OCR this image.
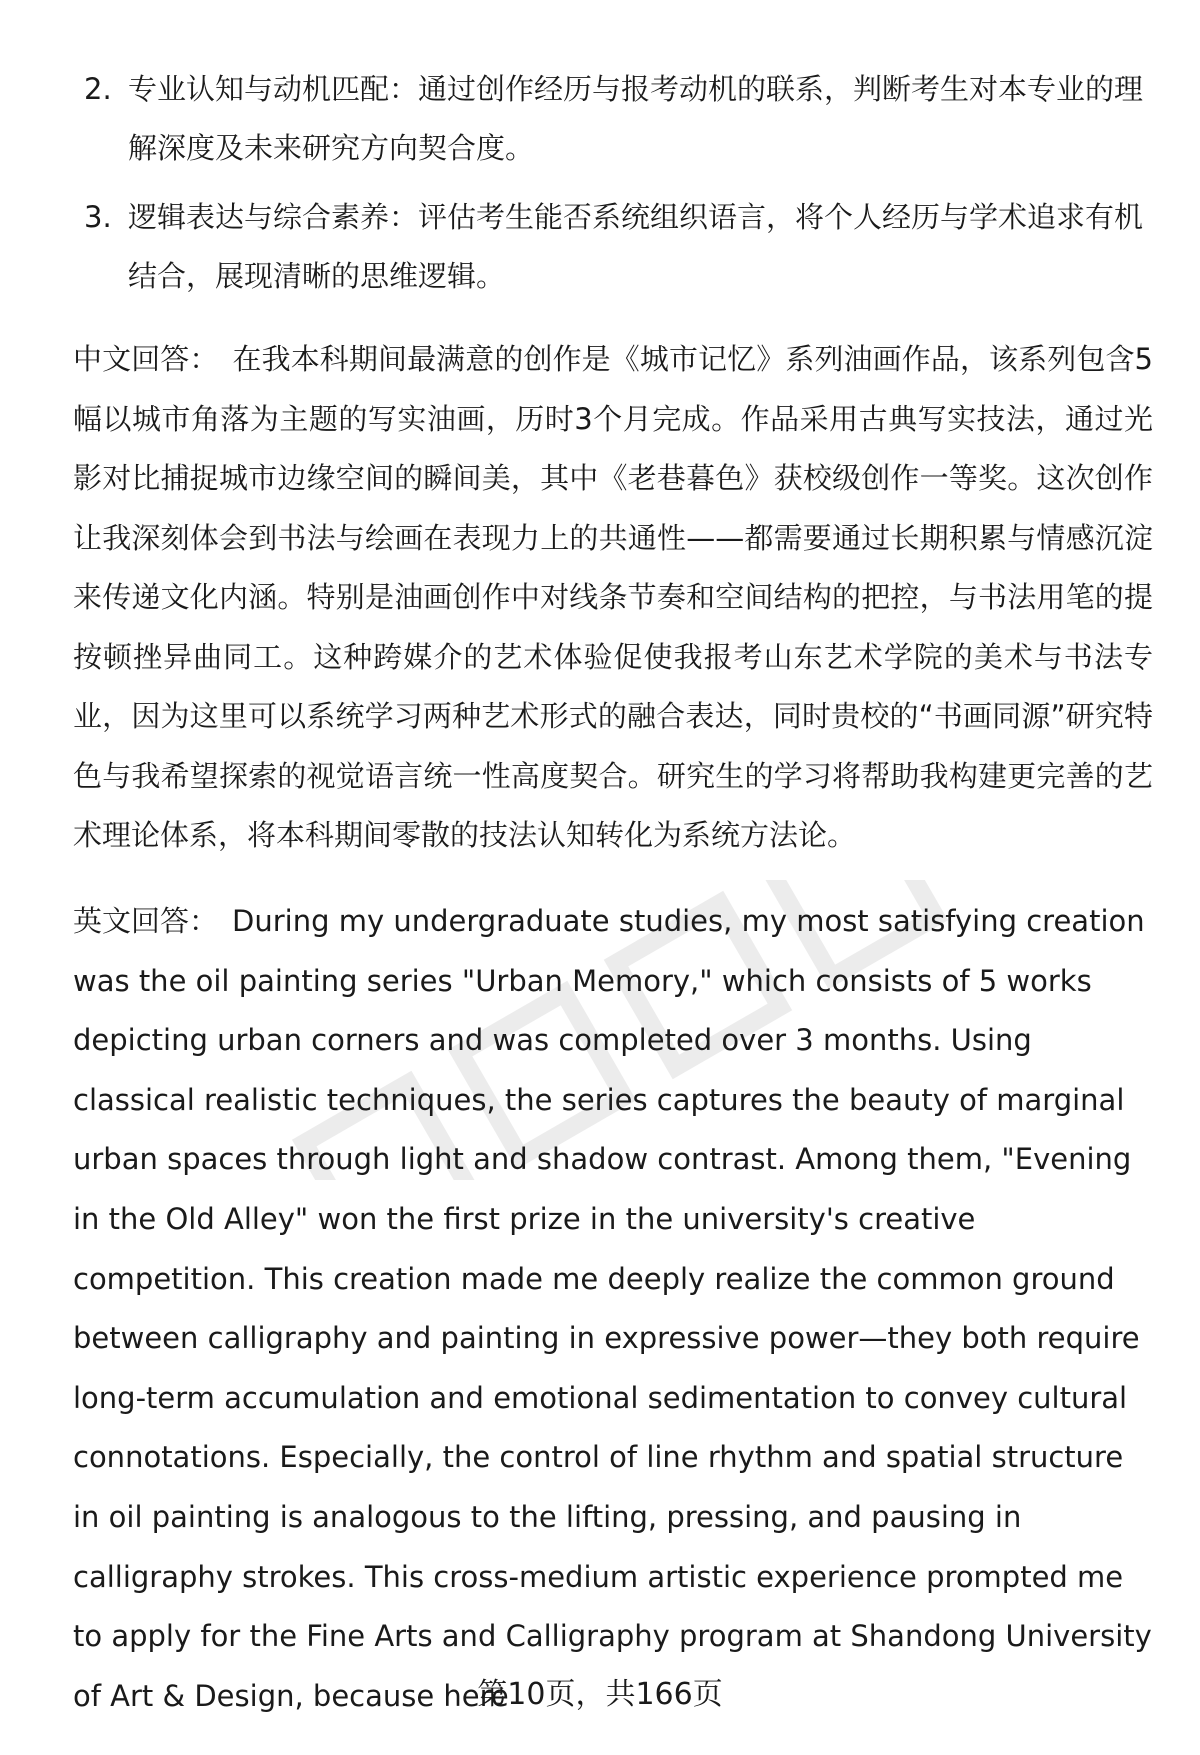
2. 专业认知与动机匹配：通过创作经历与报考动机的联系，判断考生对本专业的理解深度及未来研究方向契合度。
3. 逻辑表达与综合素养：评估考生能否系统组织语言，将个人经历与学术追求有机结合，展现清晰的思维逻辑。

中文回答： 在我本科期间最满意的创作是《城市记忆》系列油画作品，该系列包含5幅以城市角落为主题的写实油画，历时3个月完成。作品采用古典写实技法，通过光影对比捕捉城市边缘空间的瞬间美，其中《老巷暮色》获校级创作一等奖。这次创作让我深刻体会到书法与绘画在表现力上的共通性——都需要通过长期积累与情感沉淀来传递文化内涵。特别是油画创作中对线条节奏和空间结构的把控，与书法用笔的提按顿挫异曲同工。这种跨媒介的艺术体验促使我报考山东艺术学院的美术与书法专业，因为这里可以系统学习两种艺术形式的融合表达，同时贵校的“书画同源”研究特色与我希望探索的视觉语言统一性高度契合。研究生的学习将帮助我构建更完善的艺术理论体系，将本科期间零散的技法认知转化为系统方法论。

英文回答： During my undergraduate studies, my most satisfying creation was the oil painting series "Urban Memory," which consists of 5 works depicting urban corners and was completed over 3 months. Using classical realistic techniques, the series captures the beauty of marginal urban spaces through light and shadow contrast. Among them, "Evening in the Old Alley" won the first prize in the university's creative competition. This creation made me deeply realize the common ground between calligraphy and painting in expressive power—they both require long-term accumulation and emotional sedimentation to convey cultural connotations. Especially, the control of line rhythm and spatial structure in oil painting is analogous to the lifting, pressing, and pausing in calligraphy strokes. This cross-medium artistic experience prompted me to apply for the Fine Arts and Calligraphy program at Shandong University of Art & Design, because here

第10页，共166页
